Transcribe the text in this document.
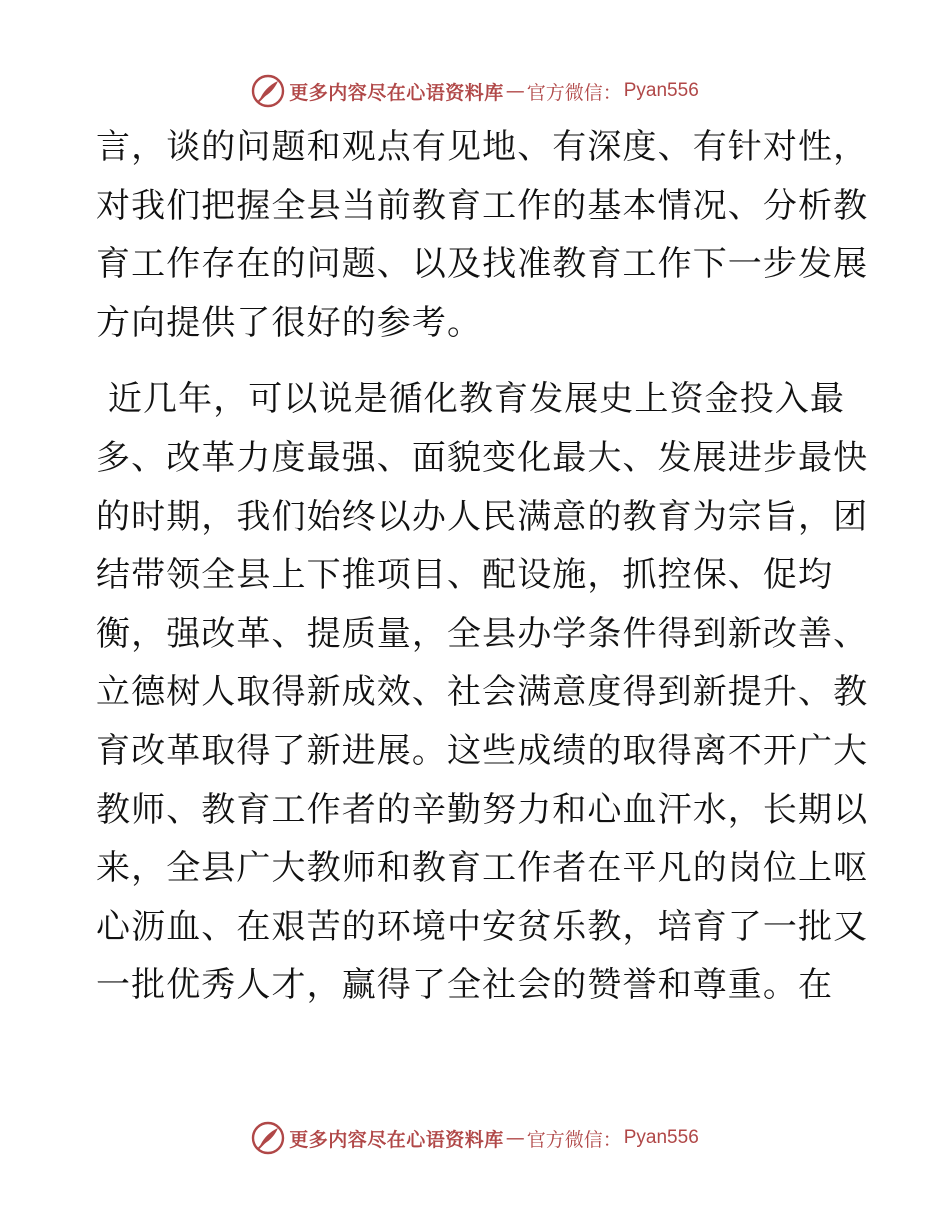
更多内容尽在心语资料库 — 官方微信： Pyan556

言，谈的问题和观点有见地、有深度、有针对性，
对我们把握全县当前教育工作的基本情况、分析教
育工作存在的问题、以及找准教育工作下一步发展
方向提供了很好的参考。

近几年，可以说是循化教育发展史上资金投入最
多、改革力度最强、面貌变化最大、发展进步最快
的时期，我们始终以办人民满意的教育为宗旨，团
结带领全县上下推项目、配设施，抓控保、促均
衡，强改革、提质量，全县办学条件得到新改善、
立德树人取得新成效、社会满意度得到新提升、教
育改革取得了新进展。这些成绩的取得离不开广大
教师、教育工作者的辛勤努力和心血汗水，长期以
来，全县广大教师和教育工作者在平凡的岗位上呕
心沥血、在艰苦的环境中安贫乐教，培育了一批又
一批优秀人才，赢得了全社会的赞誉和尊重。在

更多内容尽在心语资料库 — 官方微信： Pyan556
